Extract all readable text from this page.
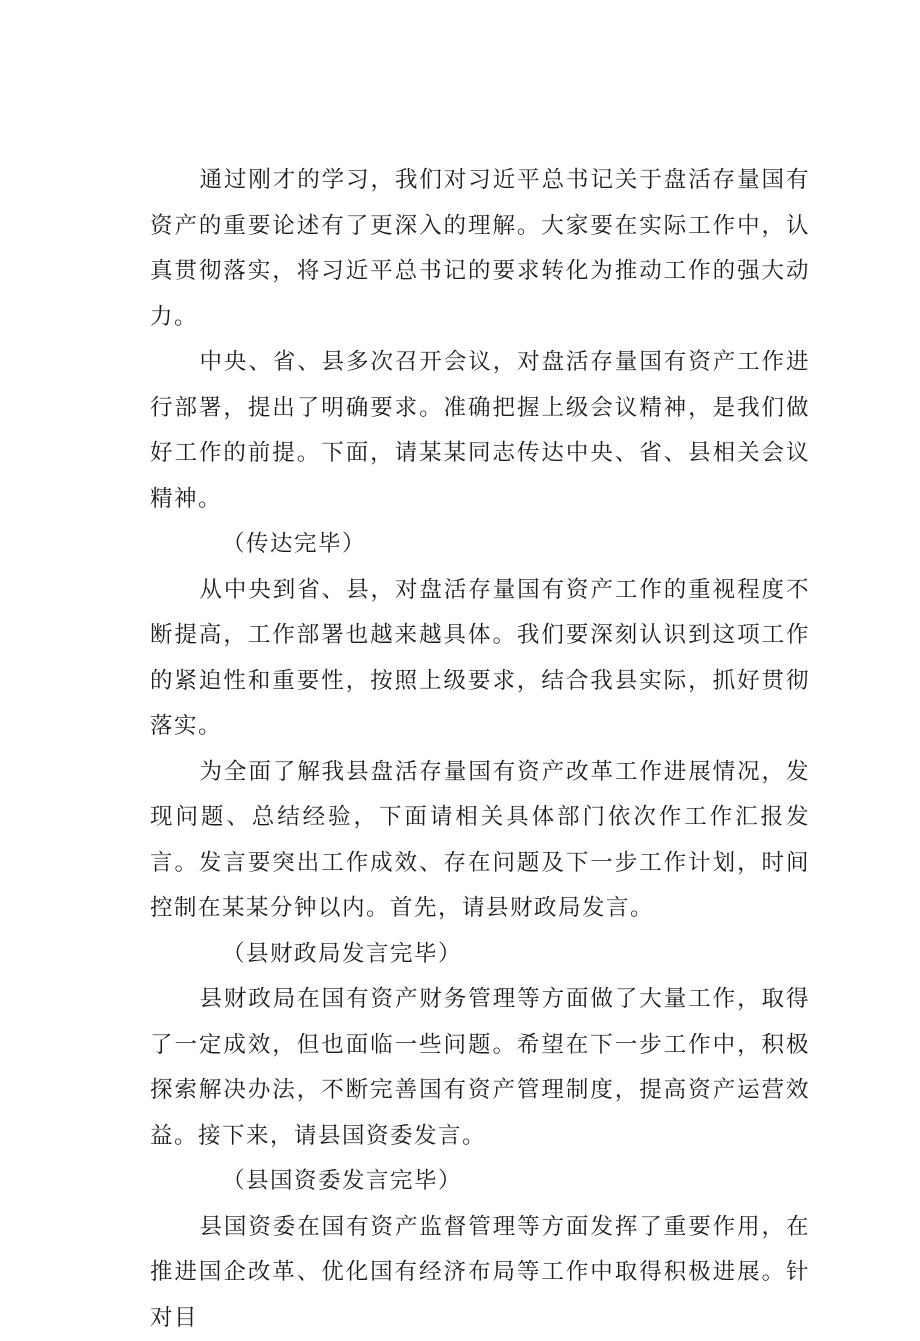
通过刚才的学习，我们对习近平总书记关于盘活存量国有资产的重要论述有了更深入的理解。大家要在实际工作中，认真贯彻落实，将习近平总书记的要求转化为推动工作的强大动力。

中央、省、县多次召开会议，对盘活存量国有资产工作进行部署，提出了明确要求。准确把握上级会议精神，是我们做好工作的前提。下面，请某某同志传达中央、省、县相关会议精神。

（传达完毕）

从中央到省、县，对盘活存量国有资产工作的重视程度不断提高，工作部署也越来越具体。我们要深刻认识到这项工作的紧迫性和重要性，按照上级要求，结合我县实际，抓好贯彻落实。

为全面了解我县盘活存量国有资产改革工作进展情况，发现问题、总结经验，下面请相关具体部门依次作工作汇报发言。发言要突出工作成效、存在问题及下一步工作计划，时间控制在某某分钟以内。首先，请县财政局发言。

（县财政局发言完毕）

县财政局在国有资产财务管理等方面做了大量工作，取得了一定成效，但也面临一些问题。希望在下一步工作中，积极探索解决办法，不断完善国有资产管理制度，提高资产运营效益。接下来，请县国资委发言。

（县国资委发言完毕）

县国资委在国有资产监督管理等方面发挥了重要作用，在推进国企改革、优化国有经济布局等工作中取得积极进展。针对目
